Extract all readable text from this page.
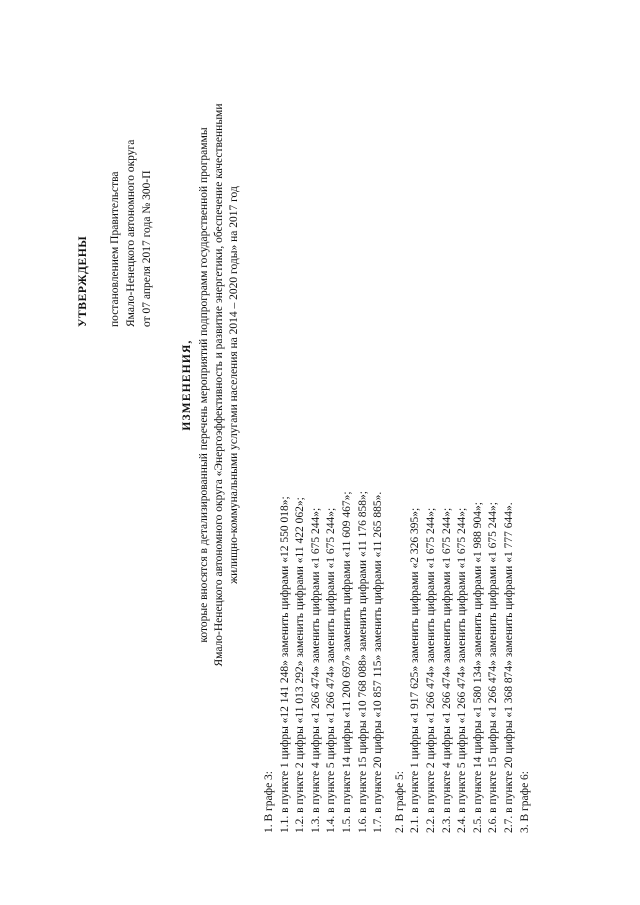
УТВЕРЖДЕНЫ постановлением Правительства Ямало-Ненецкого автономного округа от 07 апреля 2017 года № 300-П
ИЗМЕНЕНИЯ, которые вносятся в детализированный перечень мероприятий подпрограмм государственной программы Ямало-Ненецкого автономного округа «Энергоэффективность и развитие энергетики, обеспечение качественными жилищно-коммунальными услугами населения на 2014 – 2020 годы» на 2017 год
1. В графе 3: 1.1. в пункте 1 цифры «12 141 248» заменить цифрами «12 550 018»; 1.2. в пункте 2 цифры «11 013 292» заменить цифрами «11 422 062»; 1.3. в пункте 4 цифры «1 266 474» заменить цифрами «1 675 244»; 1.4. в пункте 5 цифры «1 266 474» заменить цифрами «1 675 244»; 1.5. в пункте 14 цифры «11 200 697» заменить цифрами «11 609 467»; 1.6. в пункте 15 цифры «10 768 088» заменить цифрами «11 176 858»; 1.7. в пункте 20 цифры «10 857 115» заменить цифрами «11 265 885». 2. В графе 5: 2.1. в пункте 1 цифры «1 917 625» заменить цифрами «2 326 395»; 2.2. в пункте 2 цифры «1 266 474» заменить цифрами «1 675 244»; 2.3. в пункте 4 цифры «1 266 474» заменить цифрами «1 675 244»; 2.4. в пункте 5 цифры «1 266 474» заменить цифрами «1 675 244»; 2.5. в пункте 14 цифры «1 580 134» заменить цифрами «1 988 904»; 2.6. в пункте 15 цифры «1 266 474» заменить цифрами «1 675 244»; 2.7. в пункте 20 цифры «1 368 874» заменить цифрами «1 777 644». 3. В графе 6:
